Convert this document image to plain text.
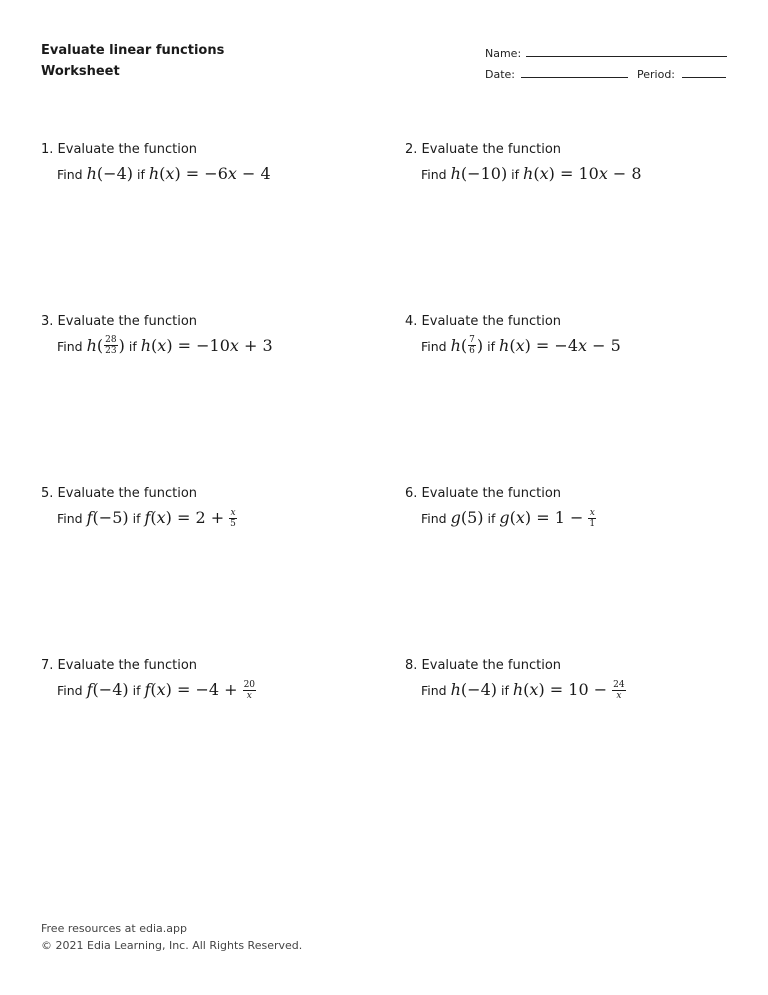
Evaluate linear functions
Worksheet
Name:
Date:	Period:
1. Evaluate the function
Find h(−4) if h(x) = −6x − 4
2. Evaluate the function
Find h(−10) if h(x) = 10x − 8
3. Evaluate the function
Find $h( \frac{28}{23}$ ) if h(x) = −10x + 3
4. Evaluate the function
Find $h( \frac{7}{6}$ ) if h(x) = −4x − 5
5. Evaluate the function
Find f(−5) if $f(x) = 2 + \frac{x}{5}$
6. Evaluate the function
Find g(5) if $g(x) = 1 - \frac{x}{1}$
7. Evaluate the function
Find f(−4) if $f(x) = -4 + \frac{20}{x}$
8. Evaluate the function
Find h(−4) if $h(x) = 10 - \frac{24}{x}$
Free resources at edia.app
© 2021 Edia Learning, Inc. All Rights Reserved.
